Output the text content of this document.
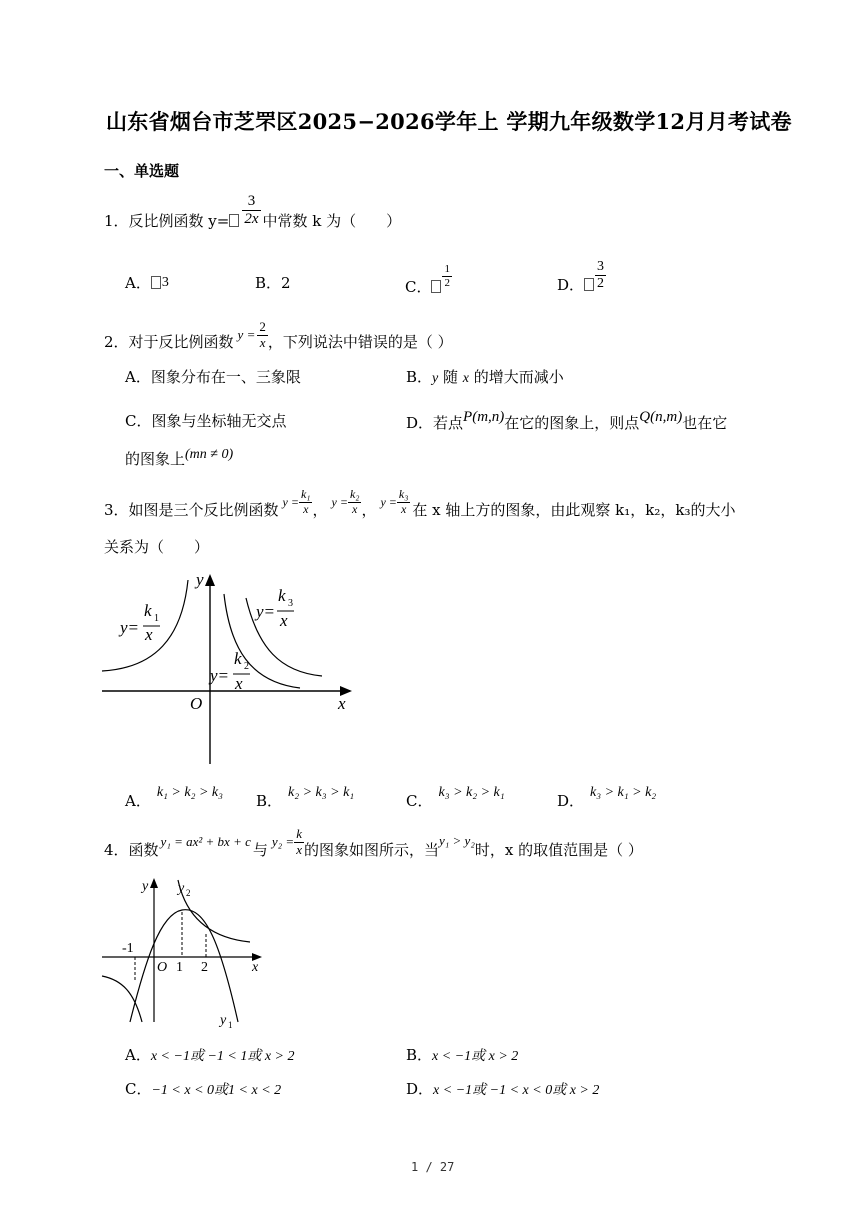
山东省烟台市芝罘区2025−2026学年上 学期九年级数学12月月考试卷
一、单选题
1．反比例函数 $y= \frac{3}{2x}$ 中常数 k 为（　　）
A． 3	B．2	C． $\frac{1}{2}$	D． $\frac{3}{2}$
2．对于反比例函数 $y = \frac{2}{x}$ ，下列说法中错误的是（ ）
A．图象分布在一、三象限	B．y 随 x 的增大而减小
C．图象与坐标轴无交点	D．若点 P(m,n) 在它的图象上，则点 Q(n,m) 也在它
的图象上 (mn ≠ 0)
3．如图是三个反比例函数 $y = \frac{\text{k₁}}{x}$ ， $y = \frac{\text{k₂}}{x}$ ， $y = \frac{\text{k₃}}{x}$ 在 x 轴上方的图象，由此观察 k₁，k₂，k₃的大小
关系为（　　）
y
x
O
y=
k 1
x
y=
k 2
x
y=
k 3
x
A． k₁ > k₂ > k₃ B． k₂ > k₃ > k₁	C． k₃ > k₂ > k₁	D． k₃ > k₁ > k₂
4．函数 y₁ = ax² + bx + c 与 $y_2 = \frac{k}{x}$ 的图象如图所示，当 y₁ > y₂ 时，x 的取值范围是（ ）
y y 2
-1
O 1 2	x
y 1
A．x < −1或 −1 < 1或 x > 2	B．x < −1或 x > 2
C．−1 < x < 0或1 < x < 2	D．x < −1或 −1 < x < 0或 x > 2
1 / 27
